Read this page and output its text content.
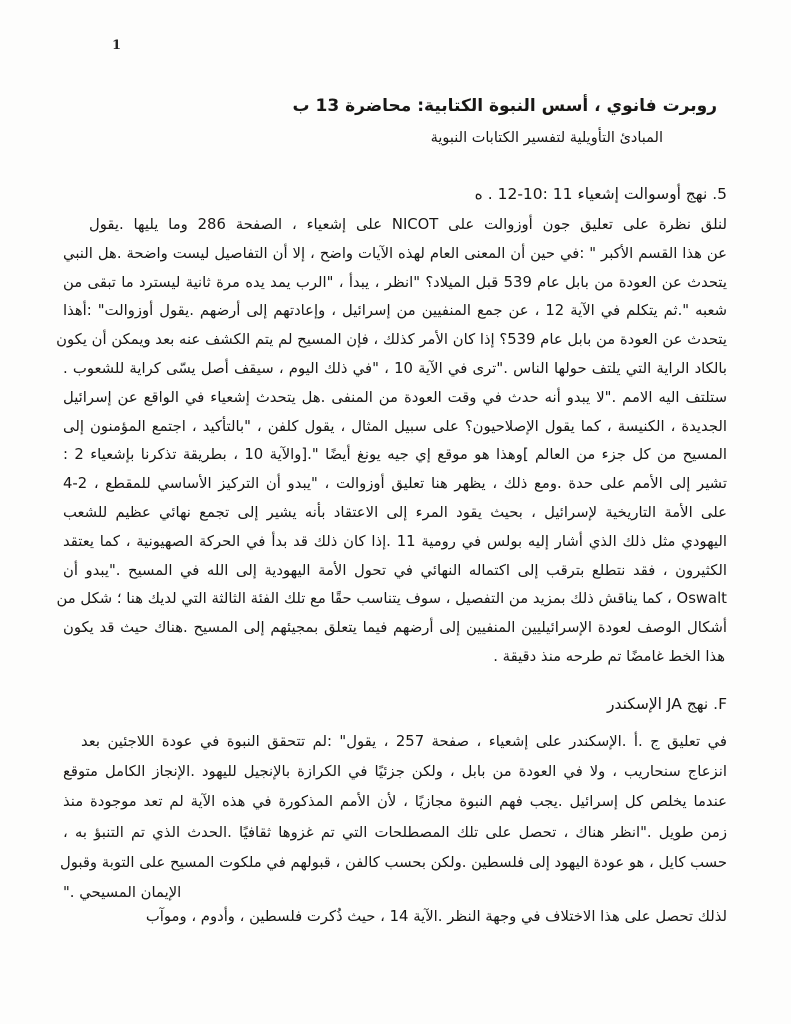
1
روبرت فانوي ، أسس النبوة الكتابية: محاضرة 13 ب
المبادئ التأويلية لتفسير الكتابات النبوية
5. نهج أوسوالت إشعياء 11 :10-12 . ه
لنلق نظرة على تعليق جون أوزوالت على NICOT على إشعياء ، الصفحة 286 وما يليها .يقول
عن هذا القسم الأكبر " :في حين أن المعنى العام لهذه الآيات واضح ، إلا أن التفاصيل ليست واضحة .هل النبي
يتحدث عن العودة من بابل عام 539 قبل الميلاد؟ "انظر ، يبدأ ، "الرب يمد يده مرة ثانية ليسترد ما تبقى من
شعبه ".ثم يتكلم في الآية 12 ، عن جمع المنفيين من إسرائيل ، وإعادتهم إلى أرضهم .يقول أوزوالت" :أهذا
يتحدث عن العودة من بابل عام 539؟ إذا كان الأمر كذلك ، فإن المسيح لم يتم الكشف عنه بعد ويمكن أن يكون
بالكاد الراية التي يلتف حولها الناس ."ترى في الآية 10 ، "في ذلك اليوم ، سيقف أصل يسّى كراية للشعوب .
ستلتف اليه الامم ."لا يبدو أنه حدث في وقت العودة من المنفى .هل يتحدث إشعياء في الواقع عن إسرائيل
الجديدة ، الكنيسة ، كما يقول الإصلاحيون؟ على سبيل المثال ، يقول كلفن ، "بالتأكيد ، اجتمع المؤمنون إلى
المسيح من كل جزء من العالم ]وهذا هو موقع إي جيه يونغ أيضًا ".[والآية 10 ، بطريقة تذكرنا بإشعياء 2 :
تشير إلى الأمم على حدة .ومع ذلك ، يظهر هنا تعليق أوزوالت ، "يبدو أن التركيز الأساسي للمقطع ، 2-4
على الأمة التاريخية لإسرائيل ، بحيث يقود المرء إلى الاعتقاد بأنه يشير إلى تجمع نهائي عظيم للشعب
اليهودي مثل ذلك الذي أشار إليه بولس في رومية 11 .إذا كان ذلك قد بدأ في الحركة الصهيونية ، كما يعتقد
الكثيرون ، فقد نتطلع بترقب إلى اكتماله النهائي في تحول الأمة اليهودية إلى الله في المسيح ."يبدو أن
Oswalt ، كما يناقش ذلك بمزيد من التفصيل ، سوف يتناسب حقًا مع تلك الفئة الثالثة التي لديك هنا ؛ شكل من
أشكال الوصف لعودة الإسرائيليين المنفيين إلى أرضهم فيما يتعلق بمجيئهم إلى المسيح .هناك حيث قد يكون
هذا الخط غامضًا تم طرحه منذ دقيقة .
F. نهج JA الإسكندر
في تعليق ج .أ .الإسكندر على إشعياء ، صفحة 257 ، يقول" :لم تتحقق النبوة في عودة اللاجئين بعد
انزعاج سنحاريب ، ولا في العودة من بابل ، ولكن جزئيًا في الكرازة بالإنجيل لليهود .الإنجاز الكامل متوقع
عندما يخلص كل إسرائيل .يجب فهم النبوة مجازيًا ، لأن الأمم المذكورة في هذه الآية لم تعد موجودة منذ
زمن طويل ."انظر هناك ، تحصل على تلك المصطلحات التي تم غزوها ثقافيًا .الحدث الذي تم التنبؤ به ،
حسب كايل ، هو عودة اليهود إلى فلسطين .ولكن بحسب كالفن ، قبولهم في ملكوت المسيح على التوبة وقبول
الإيمان المسيحي ."
لذلك تحصل على هذا الاختلاف في وجهة النظر .الآية 14 ، حيث ذُكرت فلسطين ، وأدوم ، وموآب
